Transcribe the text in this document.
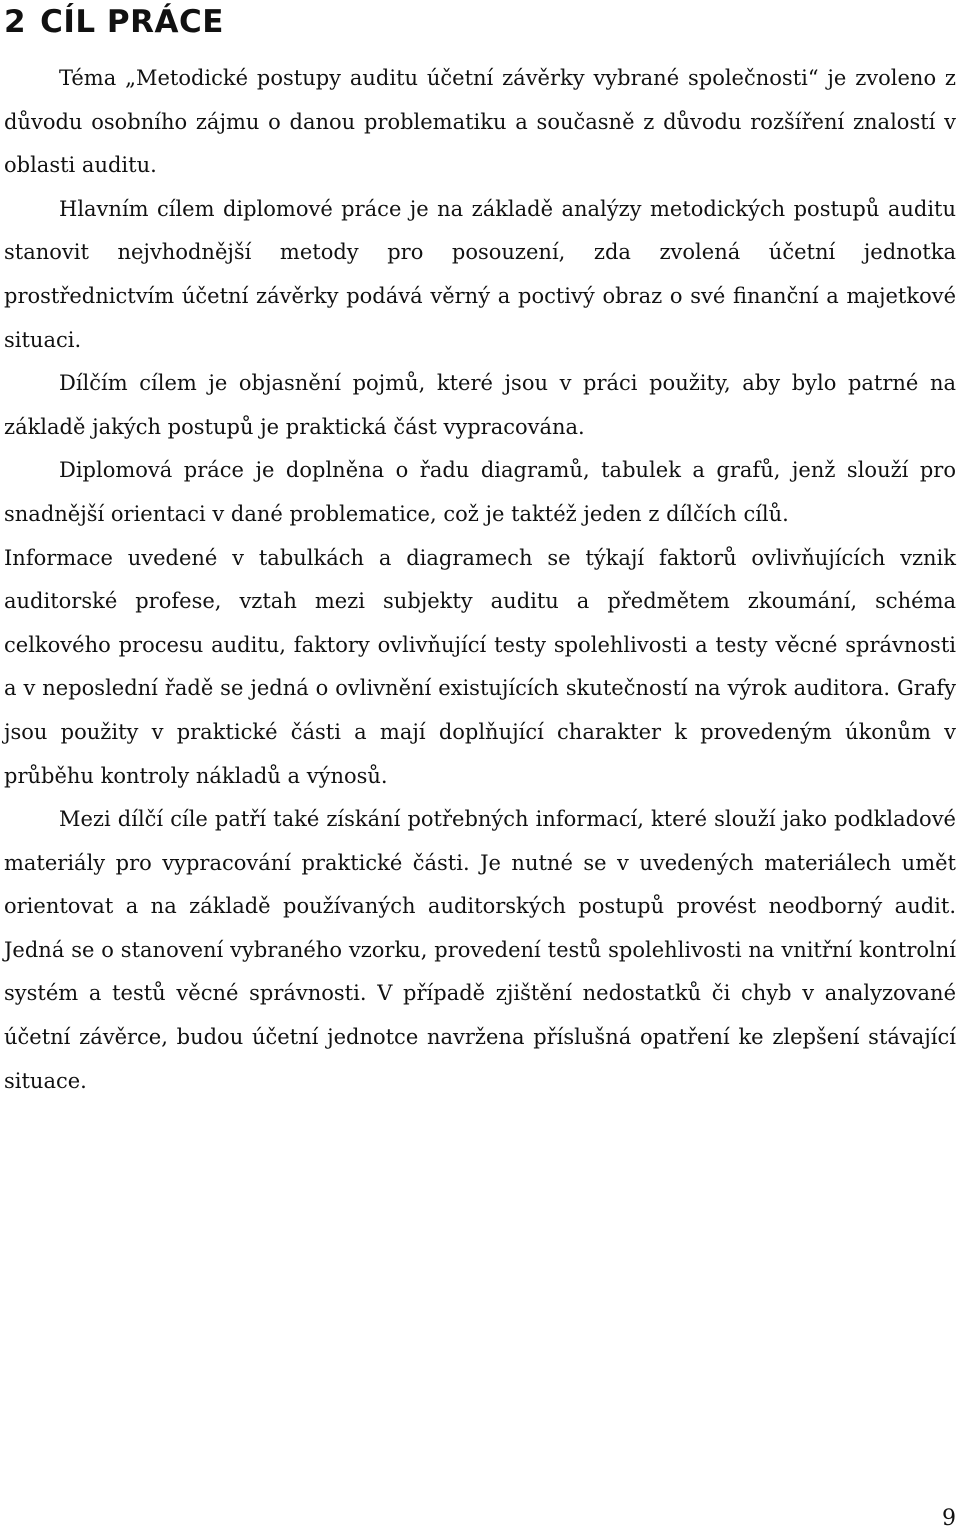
2 CÍL PRÁCE

Téma „Metodické postupy auditu účetní závěrky vybrané společnosti“ je zvoleno z důvodu osobního zájmu o danou problematiku a současně z důvodu rozšíření znalostí v oblasti auditu.

Hlavním cílem diplomové práce je na základě analýzy metodických postupů auditu stanovit nejvhodnější metody pro posouzení, zda zvolená účetní jednotka prostřednictvím účetní závěrky podává věrný a poctivý obraz o své finanční a majetkové situaci.

Dílčím cílem je objasnění pojmů, které jsou v práci použity, aby bylo patrné na základě jakých postupů je praktická část vypracována.

Diplomová práce je doplněna o řadu diagramů, tabulek a grafů, jenž slouží pro snadnější orientaci v dané problematice, což je taktéž jeden z dílčích cílů.

Informace uvedené v tabulkách a diagramech se týkají faktorů ovlivňujících vznik auditorské profese, vztah mezi subjekty auditu a předmětem zkoumání, schéma celkového procesu auditu, faktory ovlivňující testy spolehlivosti a testy věcné správnosti a v neposlední řadě se jedná o ovlivnění existujících skutečností na výrok auditora. Grafy jsou použity v praktické části a mají doplňující charakter k provedeným úkonům v průběhu kontroly nákladů a výnosů.

Mezi dílčí cíle patří také získání potřebných informací, které slouží jako podkladové materiály pro vypracování praktické části. Je nutné se v uvedených materiálech umět orientovat a na základě používaných auditorských postupů provést neodborný audit. Jedná se o stanovení vybraného vzorku, provedení testů spolehlivosti na vnitřní kontrolní systém a testů věcné správnosti. V případě zjištění nedostatků či chyb v analyzované účetní závěrce, budou účetní jednotce navržena příslušná opatření ke zlepšení stávající situace.

9
